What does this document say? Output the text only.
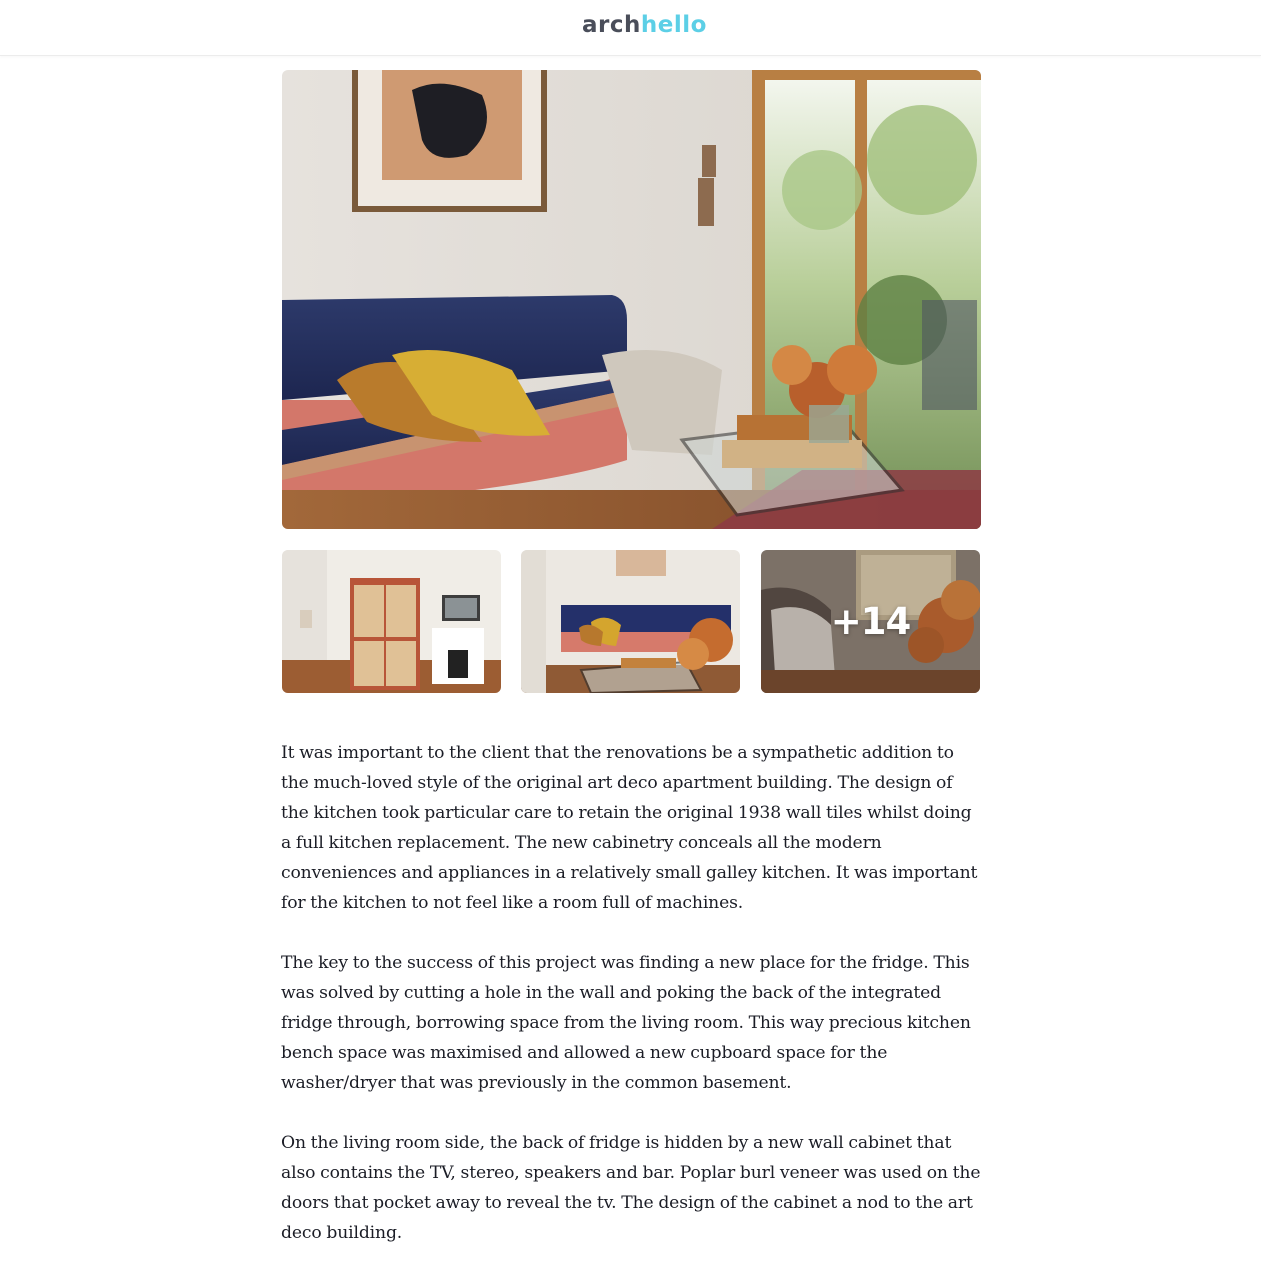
archhello
+14

It was important to the client that the renovations be a sympathetic addition to the much-loved style of the original art deco apartment building. The design of the kitchen took particular care to retain the original 1938 wall tiles whilst doing a full kitchen replacement. The new cabinetry conceals all the modern conveniences and appliances in a relatively small galley kitchen. It was important for the kitchen to not feel like a room full of machines.

The key to the success of this project was finding a new place for the fridge. This was solved by cutting a hole in the wall and poking the back of the integrated fridge through, borrowing space from the living room. This way precious kitchen bench space was maximised and allowed a new cupboard space for the washer/dryer that was previously in the common basement.

On the living room side, the back of fridge is hidden by a new wall cabinet that also contains the TV, stereo, speakers and bar. Poplar burl veneer was used on the doors that pocket away to reveal the tv. The design of the cabinet a nod to the art deco building.
